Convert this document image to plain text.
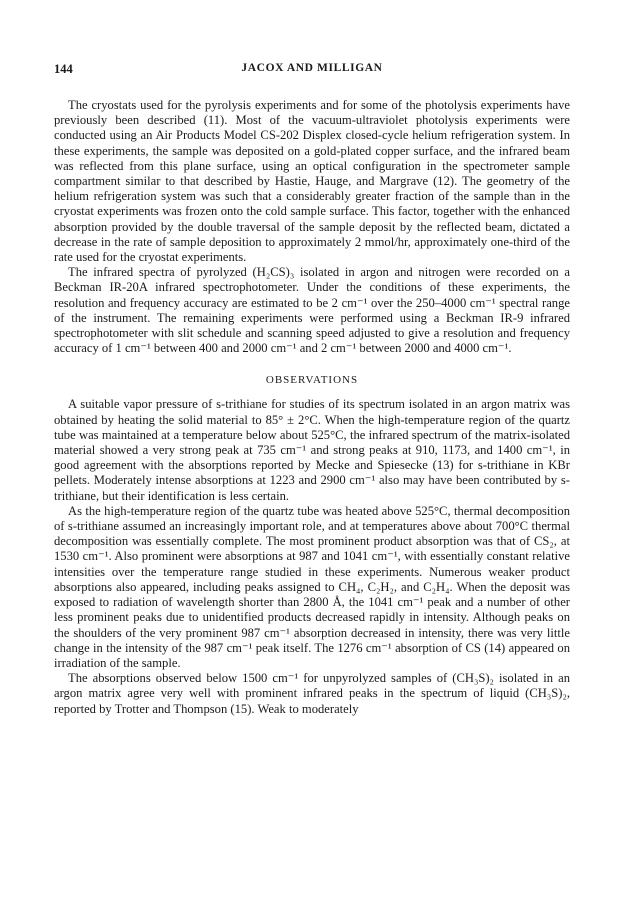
144	JACOX AND MILLIGAN

The cryostats used for the pyrolysis experiments and for some of the photolysis experiments have previously been described (11). Most of the vacuum-ultraviolet photolysis experiments were conducted using an Air Products Model CS-202 Displex closed-cycle helium refrigeration system. In these experiments, the sample was deposited on a gold-plated copper surface, and the infrared beam was reflected from this plane surface, using an optical configuration in the spectrometer sample compartment similar to that described by Hastie, Hauge, and Margrave (12). The geometry of the helium refrigeration system was such that a considerably greater fraction of the sample than in the cryostat experiments was frozen onto the cold sample surface. This factor, together with the enhanced absorption provided by the double traversal of the sample deposit by the reflected beam, dictated a decrease in the rate of sample deposition to approximately 2 mmol/hr, approximately one-third of the rate used for the cryostat experiments.

The infrared spectra of pyrolyzed (H₂CS)₃ isolated in argon and nitrogen were recorded on a Beckman IR-20A infrared spectrophotometer. Under the conditions of these experiments, the resolution and frequency accuracy are estimated to be 2 cm⁻¹ over the 250–4000 cm⁻¹ spectral range of the instrument. The remaining experiments were performed using a Beckman IR-9 infrared spectrophotometer with slit schedule and scanning speed adjusted to give a resolution and frequency accuracy of 1 cm⁻¹ between 400 and 2000 cm⁻¹ and 2 cm⁻¹ between 2000 and 4000 cm⁻¹.

OBSERVATIONS

A suitable vapor pressure of s-trithiane for studies of its spectrum isolated in an argon matrix was obtained by heating the solid material to 85° ± 2°C. When the high-temperature region of the quartz tube was maintained at a temperature below about 525°C, the infrared spectrum of the matrix-isolated material showed a very strong peak at 735 cm⁻¹ and strong peaks at 910, 1173, and 1400 cm⁻¹, in good agreement with the absorptions reported by Mecke and Spiesecke (13) for s-trithiane in KBr pellets. Moderately intense absorptions at 1223 and 2900 cm⁻¹ also may have been contributed by s-trithiane, but their identification is less certain.

As the high-temperature region of the quartz tube was heated above 525°C, thermal decomposition of s-trithiane assumed an increasingly important role, and at temperatures above about 700°C thermal decomposition was essentially complete. The most prominent product absorption was that of CS₂, at 1530 cm⁻¹. Also prominent were absorptions at 987 and 1041 cm⁻¹, with essentially constant relative intensities over the temperature range studied in these experiments. Numerous weaker product absorptions also appeared, including peaks assigned to CH₄, C₂H₂, and C₂H₄. When the deposit was exposed to radiation of wavelength shorter than 2800 Å, the 1041 cm⁻¹ peak and a number of other less prominent peaks due to unidentified products decreased rapidly in intensity. Although peaks on the shoulders of the very prominent 987 cm⁻¹ absorption decreased in intensity, there was very little change in the intensity of the 987 cm⁻¹ peak itself. The 1276 cm⁻¹ absorption of CS (14) appeared on irradiation of the sample.

The absorptions observed below 1500 cm⁻¹ for unpyrolyzed samples of (CH₃S)₂ isolated in an argon matrix agree very well with prominent infrared peaks in the spectrum of liquid (CH₃S)₂, reported by Trotter and Thompson (15). Weak to moderately
